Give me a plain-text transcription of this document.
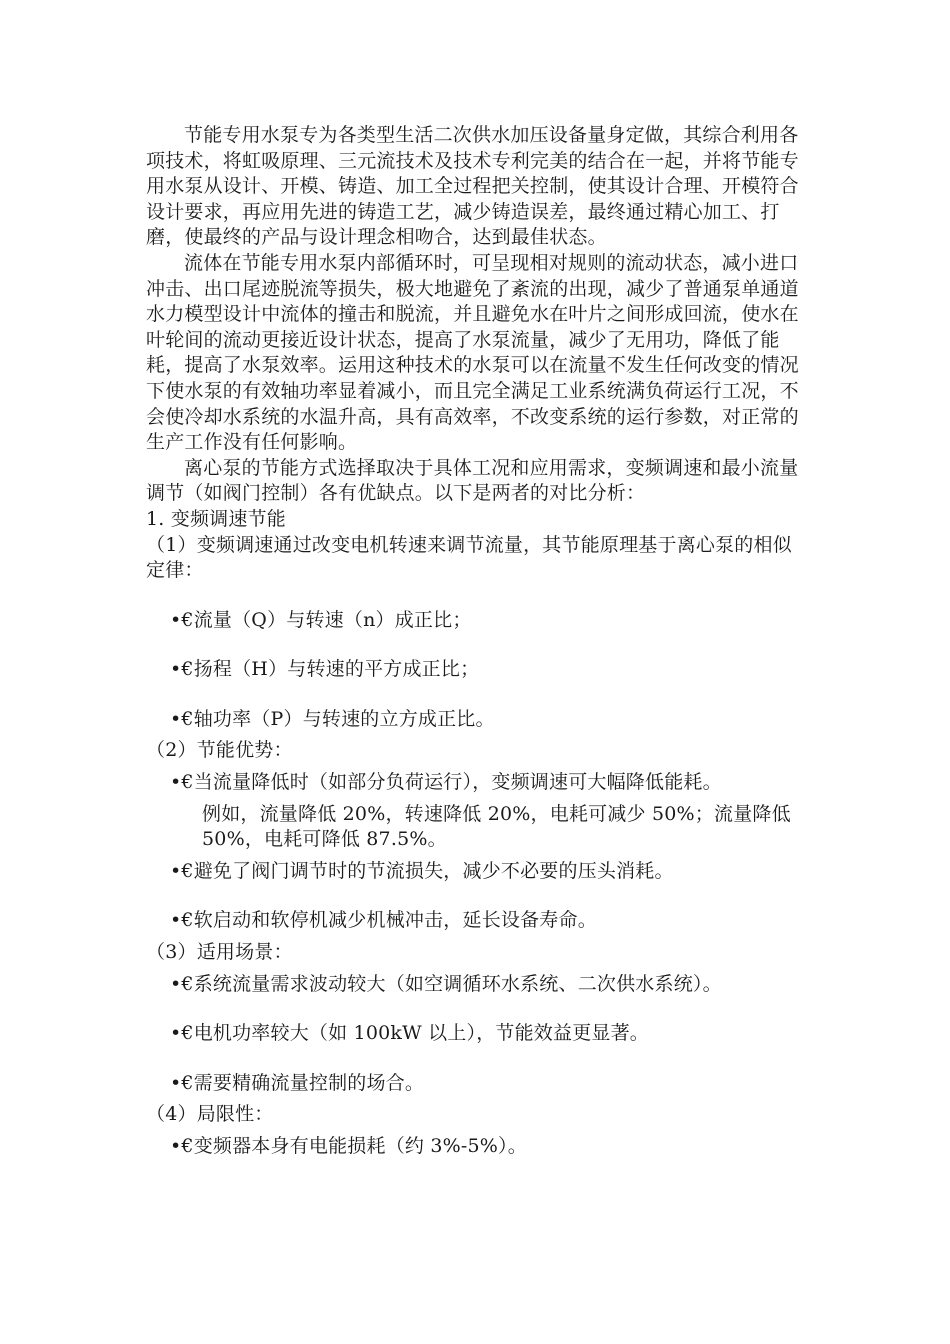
节能专用水泵专为各类型生活二次供水加压设备量身定做，其综合利用各项技术，将虹吸原理、三元流技术及技术专利完美的结合在一起，并将节能专用水泵从设计、开模、铸造、加工全过程把关控制，使其设计合理、开模符合设计要求，再应用先进的铸造工艺，减少铸造误差，最终通过精心加工、打磨，使最终的产品与设计理念相吻合，达到最佳状态。

流体在节能专用水泵内部循环时，可呈现相对规则的流动状态，减小进口冲击、出口尾迹脱流等损失，极大地避免了紊流的出现，减少了普通泵单通道水力模型设计中流体的撞击和脱流，并且避免水在叶片之间形成回流，使水在叶轮间的流动更接近设计状态，提高了水泵流量，减少了无用功，降低了能耗，提高了水泵效率。运用这种技术的水泵可以在流量不发生任何改变的情况下使水泵的有效轴功率显着减小，而且完全满足工业系统满负荷运行工况，不会使冷却水系统的水温升高，具有高效率，不改变系统的运行参数，对正常的生产工作没有任何影响。

离心泵的节能方式选择取决于具体工况和应用需求，变频调速和最小流量调节（如阀门控制）各有优缺点。以下是两者的对比分析：

1. 变频调速节能

（1）变频调速通过改变电机转速来调节流量，其节能原理基于离心泵的相似定律：

•€ 流量（Q）与转速（n）成正比；

•€ 扬程（H）与转速的平方成正比；

•€ 轴功率（P）与转速的立方成正比。

（2）节能优势：

•€ 当流量降低时（如部分负荷运行），变频调速可大幅降低能耗。

例如，流量降低 20%，转速降低 20%，电耗可减少 50%；流量降低 50%，电耗可降低 87.5%。

•€ 避免了阀门调节时的节流损失，减少不必要的压头消耗。

•€ 软启动和软停机减少机械冲击，延长设备寿命。

（3）适用场景：

•€ 系统流量需求波动较大（如空调循环水系统、二次供水系统）。

•€ 电机功率较大（如 100kW 以上），节能效益更显著。

•€ 需要精确流量控制的场合。

（4）局限性：

•€ 变频器本身有电能损耗（约 3%-5%）。
